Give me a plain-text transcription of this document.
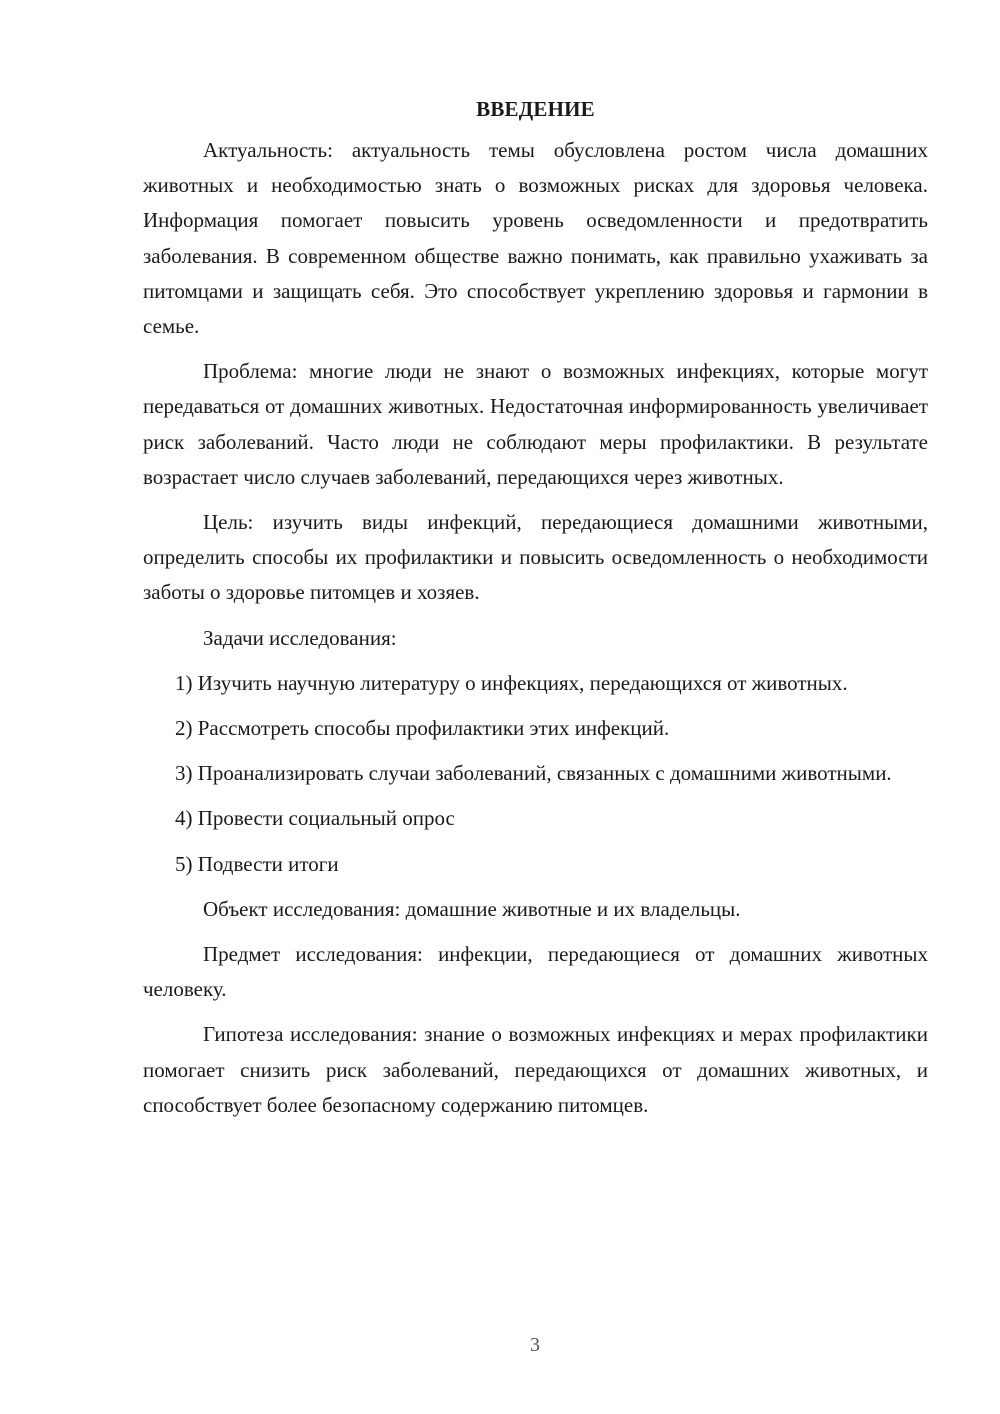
ВВЕДЕНИЕ

Актуальность: актуальность темы обусловлена ростом числа домашних животных и необходимостью знать о возможных рисках для здоровья человека. Информация помогает повысить уровень осведомленности и предотвратить заболевания. В современном обществе важно понимать, как правильно ухаживать за питомцами и защищать себя. Это способствует укреплению здоровья и гармонии в семье.

Проблема: многие люди не знают о возможных инфекциях, которые могут передаваться от домашних животных. Недостаточная информированность увеличивает риск заболеваний. Часто люди не соблюдают меры профилактики. В результате возрастает число случаев заболеваний, передающихся через животных.

Цель: изучить виды инфекций, передающиеся домашними животными, определить способы их профилактики и повысить осведомленность о необходимости заботы о здоровье питомцев и хозяев.

Задачи исследования:

1) Изучить научную литературу о инфекциях, передающихся от животных.

2) Рассмотреть способы профилактики этих инфекций.

3) Проанализировать случаи заболеваний, связанных с домашними животными.

4) Провести социальный опрос

5) Подвести итоги

Объект исследования: домашние животные и их владельцы.

Предмет исследования: инфекции, передающиеся от домашних животных человеку.

Гипотеза исследования: знание о возможных инфекциях и мерах профилактики помогает снизить риск заболеваний, передающихся от домашних животных, и способствует более безопасному содержанию питомцев.

3
